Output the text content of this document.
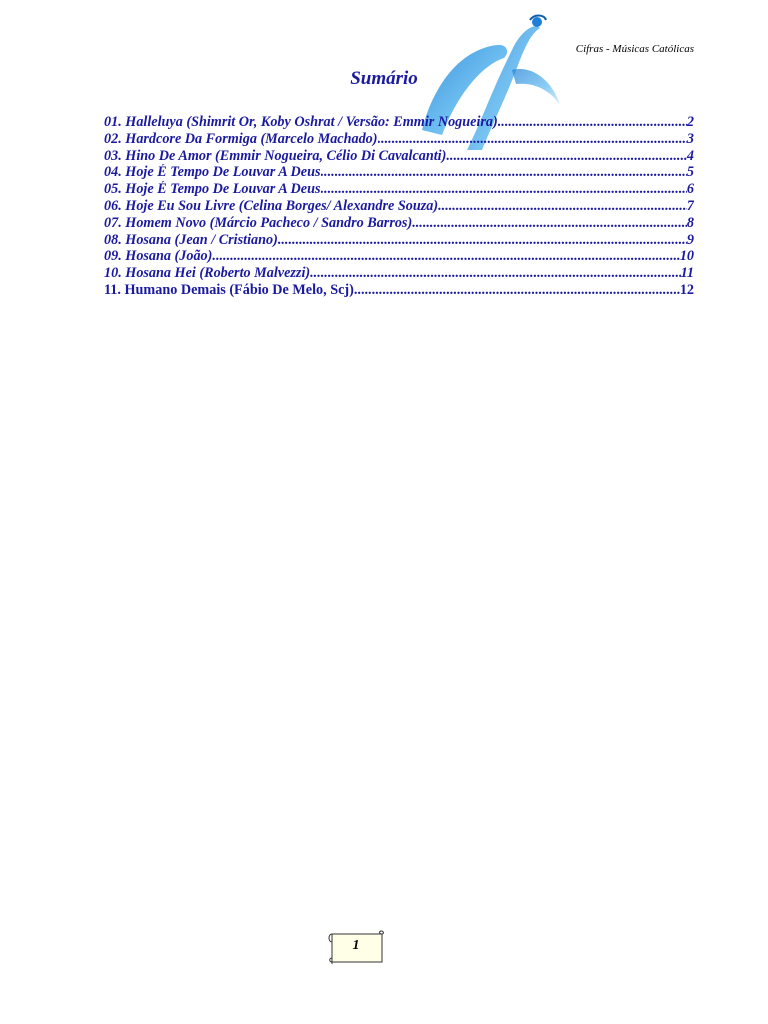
Cifras - Músicas Católicas
Sumário
01. Halleluya (Shimrit Or, Koby Oshrat / Versão: Emmir Nogueira) .....	2
02. Hardcore Da Formiga (Marcelo Machado) .....	3
03. Hino De Amor (Emmir Nogueira, Célio Di Cavalcanti) .....	4
04. Hoje É Tempo De Louvar A Deus .....	5
05. Hoje É Tempo De Louvar A Deus .....	6
06. Hoje Eu Sou Livre (Celina Borges/ Alexandre Souza) .....	7
07. Homem Novo (Márcio Pacheco / Sandro Barros) .....	8
08. Hosana (Jean / Cristiano) .....	9
09. Hosana (João) .....	10
10. Hosana Hei (Roberto Malvezzi) .....	11
11. Humano Demais (Fábio De Melo, Scj) .....	12
1
